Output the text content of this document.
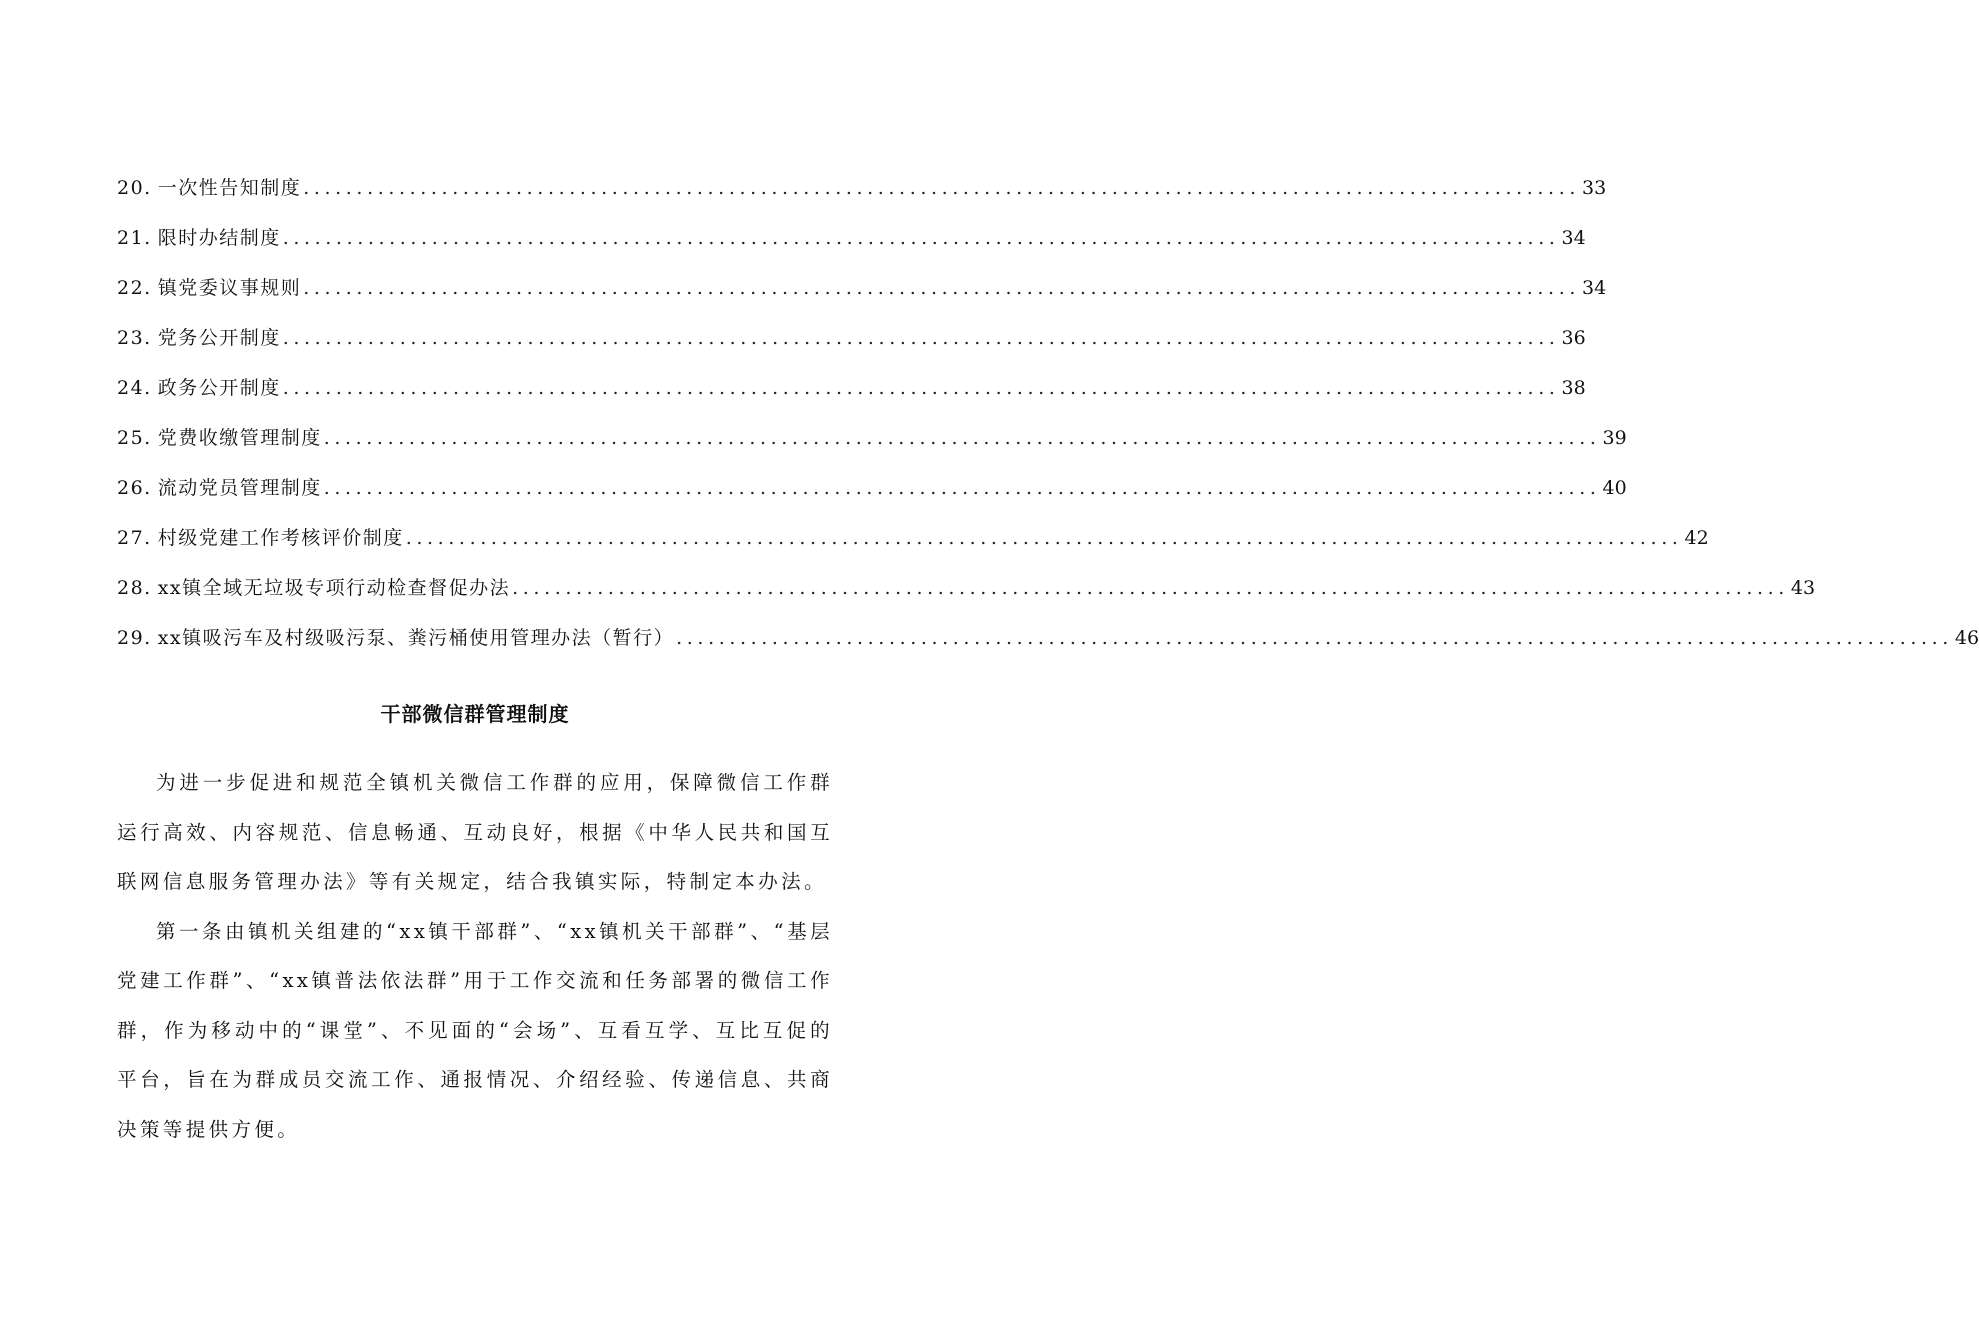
20. 一次性告知制度 ........................................................................................................................ 33
21. 限时办结制度 ........................................................................................................................ 34
22. 镇党委议事规则 ........................................................................................................................ 34
23. 党务公开制度 ........................................................................................................................ 36
24. 政务公开制度 ........................................................................................................................ 38
25. 党费收缴管理制度 ........................................................................................................................ 39
26. 流动党员管理制度 ........................................................................................................................ 40
27. 村级党建工作考核评价制度 ........................................................................................................................ 42
28. xx镇全域无垃圾专项行动检查督促办法 ........................................................................................................................ 43
29. xx镇吸污车及村级吸污泵、粪污桶使用管理办法（暂行） ........................................................................................................................ 46
干部微信群管理制度

为进一步促进和规范全镇机关微信工作群的应用，保障微信工作群运行高效、内容规范、信息畅通、互动良好，根据《中华人民共和国互联网信息服务管理办法》等有关规定，结合我镇实际，特制定本办法。

第一条由镇机关组建的“xx镇干部群”、“xx镇机关干部群”、“基层党建工作群”、“xx镇普法依法群”用于工作交流和任务部署的微信工作群，作为移动中的“课堂”、不见面的“会场”、互看互学、互比互促的平台，旨在为群成员交流工作、通报情况、介绍经验、传递信息、共商决策等提供方便。
